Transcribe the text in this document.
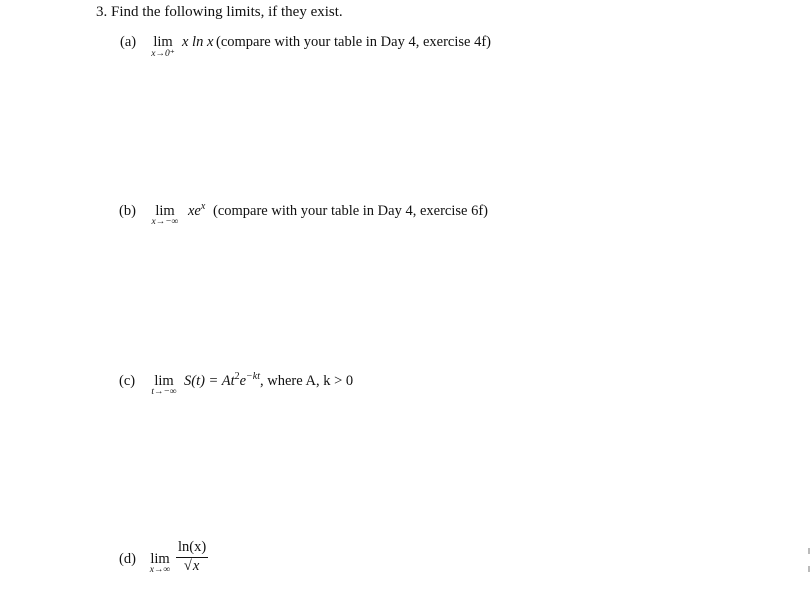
3. Find the following limits, if they exist.
(a)	lim
x→0⁺
x ln x (compare with your table in Day 4, exercise 4f)
(b)	lim
x→−∞
$xe^x$ (compare with your table in Day 4, exercise 6f)
(c)	lim
t→−∞
$S(t) = At^2e^{-kt}$, where A, k > 0
(d) lim
x→∞
ln(x)
√x
